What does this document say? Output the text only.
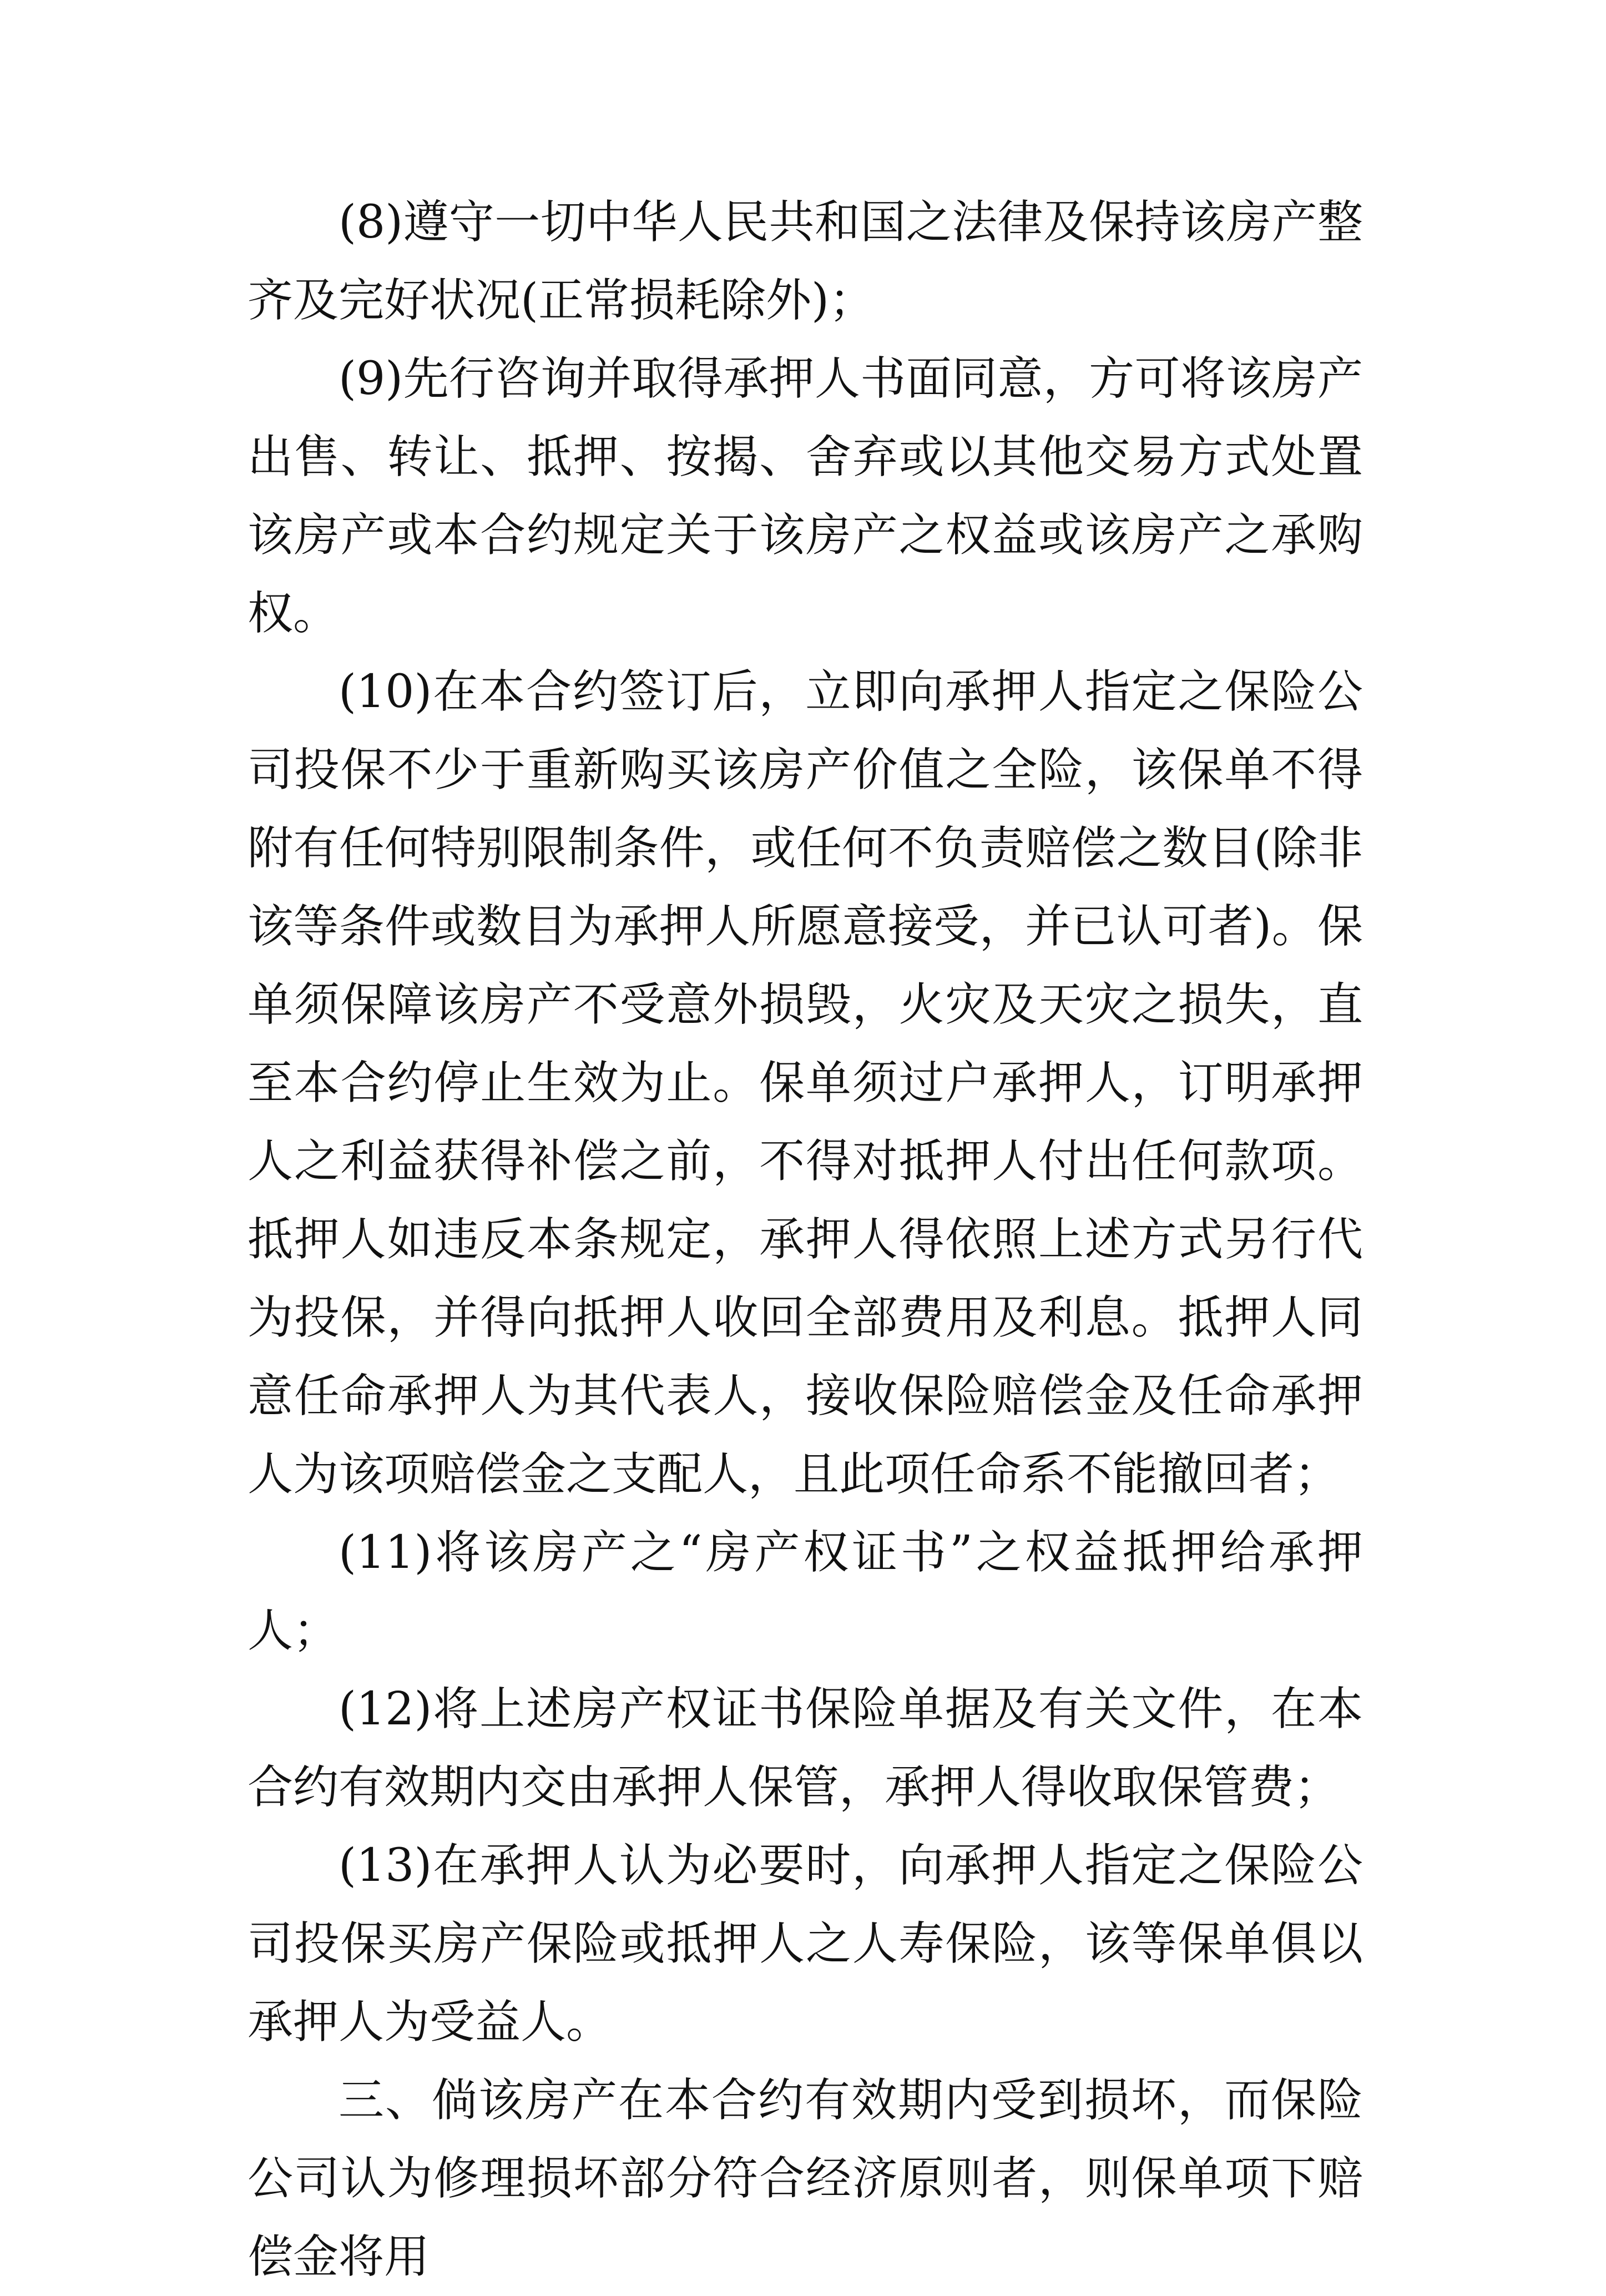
(8)遵守一切中华人民共和国之法律及保持该房产整齐及完好状况(正常损耗除外)；

(9)先行咨询并取得承押人书面同意，方可将该房产出售、转让、抵押、按揭、舍弃或以其他交易方式处置该房产或本合约规定关于该房产之权益或该房产之承购权。

(10)在本合约签订后，立即向承押人指定之保险公司投保不少于重新购买该房产价值之全险，该保单不得附有任何特别限制条件，或任何不负责赔偿之数目(除非该等条件或数目为承押人所愿意接受，并已认可者)。保单须保障该房产不受意外损毁，火灾及天灾之损失，直至本合约停止生效为止。保单须过户承押人，订明承押人之利益获得补偿之前，不得对抵押人付出任何款项。抵押人如违反本条规定，承押人得依照上述方式另行代为投保，并得向抵押人收回全部费用及利息。抵押人同意任命承押人为其代表人，接收保险赔偿金及任命承押人为该项赔偿金之支配人，且此项任命系不能撤回者；

(11)将该房产之“房产权证书”之权益抵押给承押人；

(12)将上述房产权证书保险单据及有关文件，在本合约有效期内交由承押人保管，承押人得收取保管费；

(13)在承押人认为必要时，向承押人指定之保险公司投保买房产保险或抵押人之人寿保险，该等保单俱以承押人为受益人。

三、倘该房产在本合约有效期内受到损坏，而保险公司认为修理损坏部分符合经济原则者，则保单项下赔偿金将用
